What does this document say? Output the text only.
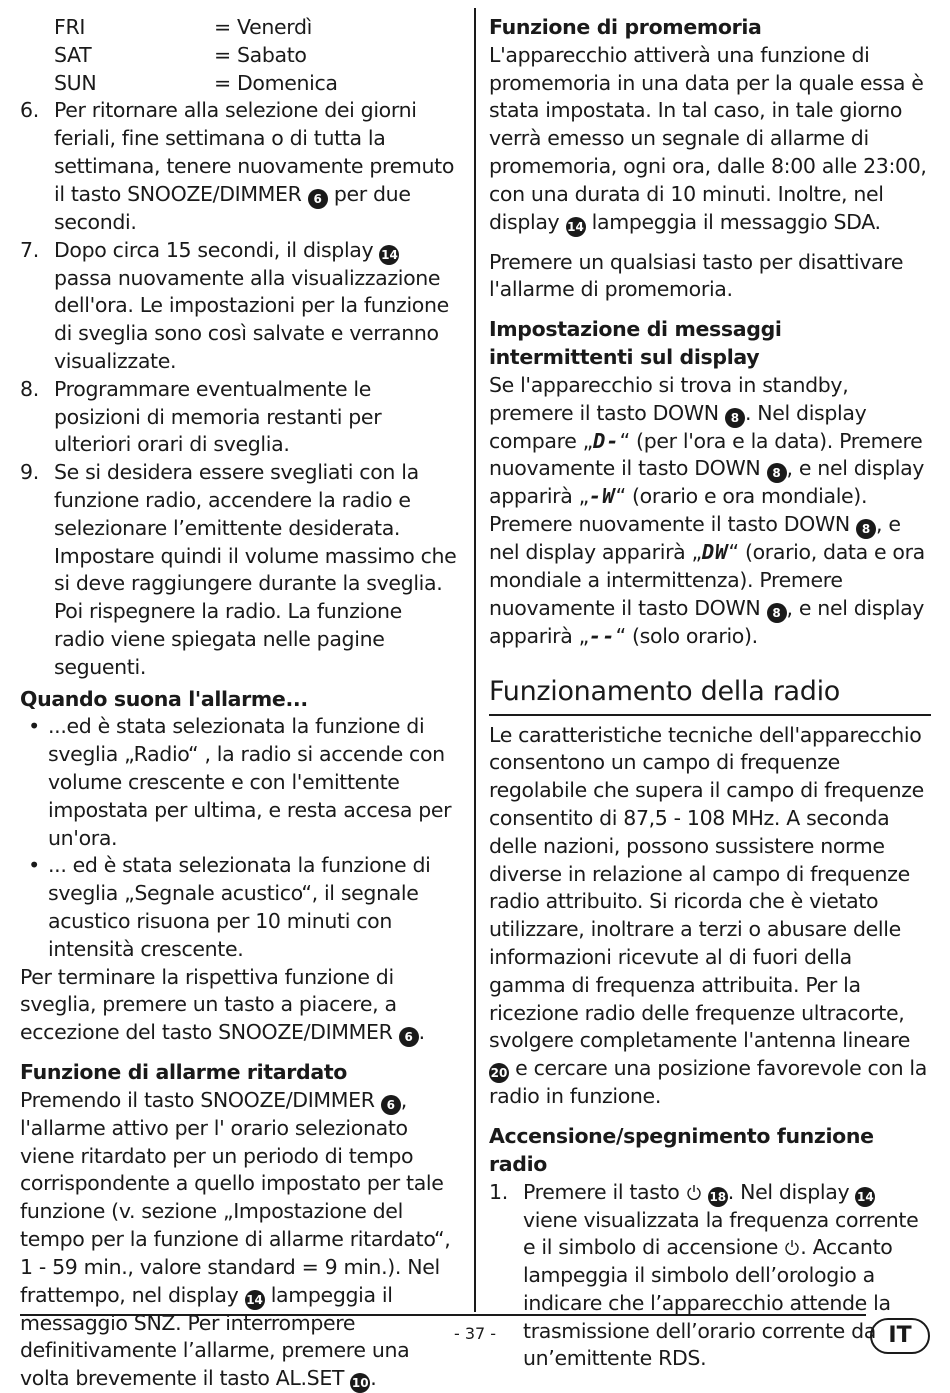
FRI	= Venerdì
SAT	= Sabato
SUN	= Domenica
6. Per ritornare alla selezione dei giorni feriali, fine settimana o di tutta la settimana, tenere nuovamente premuto il tasto SNOOZE/DIMMER 6 per due secondi.
7. Dopo circa 15 secondi, il display 14 passa nuovamente alla visualizzazione dell'ora. Le impostazioni per la funzione di sveglia sono così salvate e verranno visualizzate.
8. Programmare eventualmente le posizioni di memoria restanti per ulteriori orari di sveglia.
9. Se si desidera essere svegliati con la funzione radio, accendere la radio e selezionare l’emittente desiderata. Impostare quindi il volume massimo che si deve raggiungere durante la sveglia. Poi rispegnere la radio. La funzione radio viene spiegata nelle pagine seguenti.
Quando suona l'allarme...
• ...ed è stata selezionata la funzione di sveglia „Radio“ , la radio si accende con volume crescente e con l'emittente impostata per ultima, e resta accesa per un'ora.
• ... ed è stata selezionata la funzione di sveglia „Segnale acustico“, il segnale acustico risuona per 10 minuti con intensità crescente.

Per terminare la rispettiva funzione di sveglia, premere un tasto a piacere, a eccezione del tasto SNOOZE/DIMMER 6 .

Funzione di allarme ritardato

Premendo il tasto SNOOZE/DIMMER 6 , l'allarme attivo per l' orario selezionato viene ritardato per un periodo di tempo corrispondente a quello impostato per tale funzione (v. sezione „Impostazione del tempo per la funzione di allarme ritardato“, 1 - 59 min., valore standard = 9 min.). Nel frattempo, nel display 14 lampeggia il messaggio SNZ. Per interrompere definitivamente l’allarme, premere una volta brevemente il tasto AL.SET 10.

Funzione di promemoria

L'apparecchio attiverà una funzione di promemoria in una data per la quale essa è stata impostata. In tal caso, in tale giorno verrà emesso un segnale di allarme di promemoria, ogni ora, dalle 8:00 alle 23:00, con una durata di 10 minuti. Inoltre, nel display 14 lampeggia il messaggio SDA.

Premere un qualsiasi tasto per disattivare l'allarme di promemoria.

Impostazione di messaggi intermittenti sul display

Se l'apparecchio si trova in standby, premere il tasto DOWN 8 . Nel display compare „D-“ (per l'ora e la data). Premere nuovamente il tasto DOWN 8 , e nel display apparirà „-W“ (orario e ora mondiale). Premere nuovamente il tasto DOWN 8 , e nel display apparirà „DW“ (orario, data e ora mondiale a intermittenza). Premere nuovamente il tasto DOWN 8 , e nel display apparirà „--“ (solo orario).

Funzionamento della radio

Le caratteristiche tecniche dell'apparecchio consentono un campo di frequenze regolabile che supera il campo di frequenze consentito di 87,5 - 108 MHz. A seconda delle nazioni, possono sussistere norme diverse in relazione al campo di frequenze radio attribuito. Si ricorda che è vietato utilizzare, inoltrare a terzi o abusare delle informazioni ricevute al di fuori della gamma di frequenza attribuita. Per la ricezione radio delle frequenze ultracorte, svolgere completamente l'antenna lineare 20 e cercare una posizione favorevole con la radio in funzione.

Accensione/spegnimento funzione radio
1. Premere il tasto 18. Nel display 14 viene visualizzata la frequenza corrente e il simbolo di accensione . Accanto lampeggia il simbolo dell’orologio a indicare che l’apparecchio attende la trasmissione dell’orario corrente da un’emittente RDS.
- 37 -	IT
